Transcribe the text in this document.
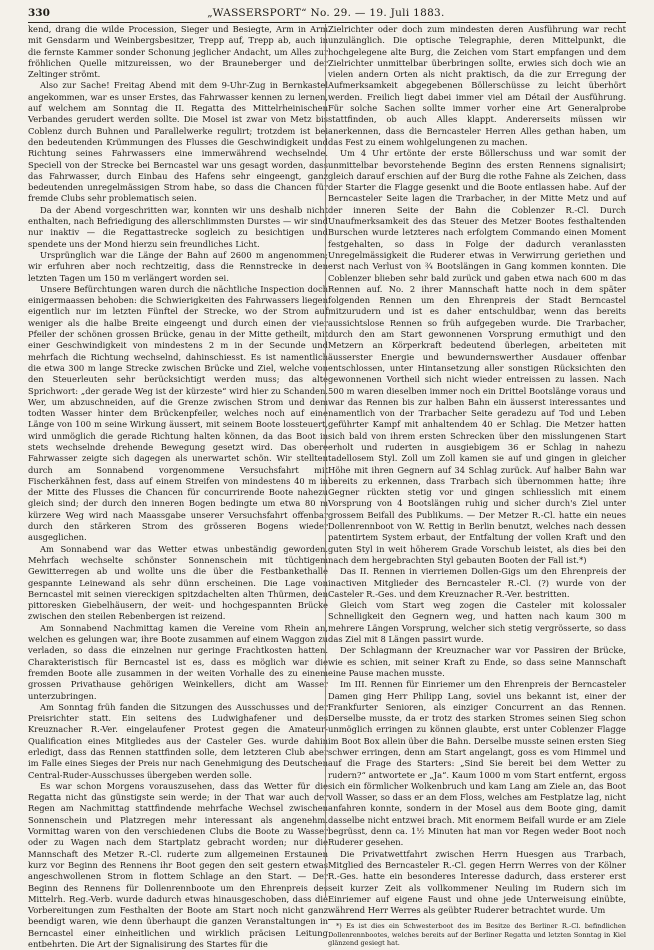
330	„WASSERSPORT“ No. 29. — 19. Juli 1883.

kend, drang die wilde Procession, Sieger und Besiegte, Arm in Arm mit Gensdarm und Weinbergsbesitzer, Trepp auf, Trepp ab, auch in die fernste Kammer sonder Schonung jeglicher Andacht, um Alles zur fröhlichen Quelle mitzureissen, wo der Brauneberger und der Zeltinger strömt.

Also zur Sache! Freitag Abend mit dem 9-Uhr-Zug in Bernkastel angekommen, war es unser Erstes, das Fahrwasser kennen zu lernen, auf welchem am Sonntag die II. Regatta des Mittelrheinischen Verbandes gerudert werden sollte. Die Mosel ist zwar von Metz bis Coblenz durch Buhnen und Parallelwerke regulirt; trotzdem ist bei den bedeutenden Krümmungen des Flusses die Geschwindigkeit und Richtung seines Fahrwassers eine immerwährend wechselnde. Speciell von der Strecke bei Berncastel war uns gesagt worden, dass das Fahrwasser, durch Einbau des Hafens sehr eingeengt, ganz bedeutenden unregelmässigen Strom habe, so dass die Chancen für fremde Clubs sehr problematisch seien.

Da der Abend vorgeschritten war, konnten wir uns deshalb nicht enthalten, nach Befriedigung des allerschlimmsten Durstes — wir sind nur inaktiv — die Regattastrecke sogleich zu besichtigen und spendete uns der Mond hierzu sein freundliches Licht.

Ursprünglich war die Länge der Bahn auf 2600 m angenommen; wir erfuhren aber noch rechtzeitig, dass die Rennstrecke in den letzten Tagen um 150 m verlängert worden sei.

Unsere Befürchtungen waren durch die nächtliche Inspection doch einigermaassen behoben: die Schwierigkeiten des Fahrwassers liegen eigentlich nur im letzten Fünftel der Strecke, wo der Strom auf weniger als die halbe Breite eingeengt und durch einen der vier Pfeiler der schönen grossen Brücke, genau in der Mitte getheilt, mit einer Geschwindigkeit von mindestens 2 m in der Secunde und mehrfach die Richtung wechselnd, dahinschiesst. Es ist namentlich die etwa 300 m lange Strecke zwischen Brücke und Ziel, welche von den Steuerleuten sehr berücksichtigt werden muss; das alte Sprichwort: „der gerade Weg ist der kürzeste“ wird hier zu Schanden. Wer, um abzuschneiden, auf die Grenze zwischen Strom und dem todten Wasser hinter dem Brückenpfeiler, welches noch auf eine Länge von 100 m seine Wirkung äussert, mit seinem Boote lossteuert, wird unmöglich die gerade Richtung halten können, da das Boot in stets wechselnde drehende Bewegung gesetzt wird. Das obere Fahrwasser zeigte sich dagegen als unerwartet schön. Wir stellten durch am Sonnabend vorgenommene Versuchsfahrt mit Fischerkähnen fest, dass auf einem Streifen von mindestens 40 m in der Mitte des Flusses die Chancen für concurrirende Boote nahezu gleich sind; der durch den inneren Bogen bedingte um etwa 80 m kürzere Weg wird nach Maassgabe unserer Versuchsfahrt offenbar durch den stärkeren Strom des grösseren Bogens wieder ausgeglichen.

Am Sonnabend war das Wetter etwas unbeständig geworden. Mehrfach wechselte schönster Sonnenschein mit tüchtigem Gewitterregen ab und wollte uns die über die Festbankethalle gespannte Leinewand als sehr dünn erscheinen. Die Lage von Berncastel mit seinen viereckigen spitzdachelten alten Thürmen, den pittoresken Giebelhäusern, der weit- und hochgespannten Brücke zwischen den steilen Rebenbergen ist reizend.

Am Sonnabend Nachmittag kamen die Vereine vom Rhein an, welchen es gelungen war, ihre Boote zusammen auf einem Waggon zu verladen, so dass die einzelnen nur geringe Frachtkosten hatten. Charakteristisch für Berncastel ist es, dass es möglich war die fremden Boote alle zusammen in der weiten Vorhalle des zu einem grossen Privathause gehörigen Weinkellers, dicht am Wasser unterzubringen.

Am Sonntag früh fanden die Sitzungen des Ausschusses und der Preisrichter statt. Ein seitens des Ludwighafener und des Kreuznacher R.-Ver. eingelaufener Protest gegen die Amateur-Qualification eines Mitgliedes aus der Casteler Ges. wurde dahin erledigt, dass das Rennen stattfinden solle, dem letzteren Club aber im Falle eines Sieges der Preis nur nach Genehmigung des Deutschen Central-Ruder-Ausschusses übergeben werden solle.

Es war schon Morgens vorauszusehen, dass das Wetter für die Regatta nicht das günstigste sein werde; in der That war auch der Regen am Nachmittag stattfindende mehrfache Wechsel zwischen Sonnenschein und Platzregen mehr interessant als angenehm. Vormittag waren von den verschiedenen Clubs die Boote zu Wasser oder zu Wagen nach dem Startplatz gebracht worden; nur die Mannschaft des Metzer R.-Cl. ruderte zum allgemeinen Erstaunen kurz vor Beginn des Rennens ihr Boot gegen den seit gestern etwas angeschwollenen Strom in flottem Schlage an den Start. — Der Beginn des Rennens für Dollenrennboote um den Ehrenpreis des Mittelrh. Reg.-Verb. wurde dadurch etwas hinausgeschoben, dass die Vorbereitungen zum Festhalten der Boote am Start noch nicht ganz beendigt waren, wie denn überhaupt die ganzen Veranstaltungen in Berncastel einer einheitlichen und wirklich präcisen Leitung entbehrten. Die Art der Signalisirung des Startes für die

Zielrichter oder doch zum mindesten deren Ausführung war recht unzulänglich. Die optische Telegraphie, deren Mittelpunkt, die hochgelegene alte Burg, die Zeichen vom Start empfangen und dem Zielrichter unmittelbar überbringen sollte, erwies sich doch wie an vielen andern Orten als nicht praktisch, da die zur Erregung der Aufmerksamkeit abgegebenen Böllerschüsse zu leicht überhört werden. Freilich liegt dabei immer viel am Détail der Ausführung. Für solche Sachen sollte immer vorher eine Art Generalprobe stattfinden, ob auch Alles klappt. Andererseits müssen wir anerkennen, dass die Berncasteler Herren Alles gethan haben, um das Fest zu einem wohlgelungenen zu machen.

Um 4 Uhr ertönte der erste Böllerschuss und war somit der unmittelbar bevorstehende Beginn des ersten Rennens signalisirt; gleich darauf erschien auf der Burg die rothe Fahne als Zeichen, dass der Starter die Flagge gesenkt und die Boote entlassen habe. Auf der Berncasteler Seite lagen die Trarbacher, in der Mitte Metz und auf der inneren Seite der Bahn die Coblenzer R.-Cl. Durch Unaufmerksamkeit des das Steuer des Metzer Bootes festhaltenden Burschen wurde letzteres nach erfolgtem Commando einen Moment festgehalten, so dass in Folge der dadurch veranlassten Unregelmässigkeit die Ruderer etwas in Verwirrung geriethen und erst nach Verlust von ¾ Bootslängen in Gang kommen konnten. Die Coblenzer blieben sehr bald zurück und gaben etwa nach 600 m das Rennen auf. No. 2 ihrer Mannschaft hatte noch in dem später folgenden Rennen um den Ehrenpreis der Stadt Berncastel mitzurudern und ist es daher entschuldbar, wenn das bereits aussichtslose Rennen so früh aufgegeben wurde. Die Trarbacher, durch den am Start gewonnenen Vorsprung ermuthigt und den Metzern an Körperkraft bedeutend überlegen, arbeiteten mit äusserster Energie und bewundernswerther Ausdauer offenbar entschlossen, unter Hintansetzung aller sonstigen Rücksichten den gewonnenen Vortheil sich nicht wieder entreissen zu lassen. Nach 500 m waren dieselben immer noch ein Drittel Bootslänge voraus und war das Rennen bis zur halben Bahn ein äusserst interessantes und namentlich von der Trarbacher Seite geradezu auf Tod und Leben geführter Kampf mit anhaltendem 40 er Schlag. Die Metzer hatten sich bald von ihrem ersten Schrecken über den misslungenen Start erholt und ruderten in ausgiebigem 36 er Schlag in nahezu tadellosem Styl. Zoll um Zoll kamen sie auf und gingen in gleicher Höhe mit ihren Gegnern auf 34 Schlag zurück. Auf halber Bahn war bereits zu erkennen, dass Trarbach sich übernommen hatte; ihre Gegner rückten stetig vor und gingen schliesslich mit einem Vorsprung von 4 Bootslängen ruhig und sicher durch's Ziel unter grossem Beifall des Publikums. — Der Metzer R.-Cl. hatte ein neues Dollenrennboot von W. Rettig in Berlin benutzt, welches nach dessen patentirtem System erbaut, der Entfaltung der vollen Kraft und den guten Styl in weit höherem Grade Vorschub leistet, als dies bei den nach dem hergebrachten Styl gebauten Booten der Fall ist.*)

Das II. Rennen in vierriemen Dollen-Gigs um den Ehrenpreis der inactiven Mitglieder des Berncasteler R.-Cl. (?) wurde von der Casteler R.-Ges. und dem Kreuznacher R.-Ver. bestritten.

Gleich vom Start weg zogen die Casteler mit kolossaler Schnelligkeit den Gegnern weg, und hatten nach kaum 300 m mehrere Längen Vorsprung, welcher sich stetig vergrösserte, so dass das Ziel mit 8 Längen passirt wurde.

Der Schlagmann der Kreuznacher war vor Passiren der Brücke, wie es schien, mit seiner Kraft zu Ende, so dass seine Mannschaft eine Pause machen musste.

Im III. Rennen für Einriemer um den Ehrenpreis der Berncasteler Damen ging Herr Philipp Lang, soviel uns bekannt ist, einer der Frankfurter Senioren, als einziger Concurrent an das Rennen. Derselbe musste, da er trotz des starken Stromes seinen Sieg schon unmöglich erringen zu können glaubte, erst unter Coblenzer Flagge im Boot Box allein über die Bahn. Derselbe musste seinen ersten Sieg schwer erringen, denn am Start angelangt, goss es vom Himmel und auf die Frage des Starters: „Sind Sie bereit bei dem Wetter zu rudern?“ antwortete er „Ja“. Kaum 1000 m vom Start entfernt, ergoss sich ein förmlicher Wolkenbruch und kam Lang am Ziele an, das Boot voll Wasser, so dass er an dem Floss, welches am Festplatze lag, nicht anfahren konnte, sondern in der Mosel aus dem Boote ging, damit dasselbe nicht entzwei brach. Mit enormem Beifall wurde er am Ziele begrüsst, denn ca. 1½ Minuten hat man vor Regen weder Boot noch Ruderer gesehen.

Die Privatwettfahrt zwischen Herrn Huesgen aus Trarbach, Mitglied des Berncasteler R.-Cl. gegen Herrn Werres von der Kölner R.-Ges. hatte ein besonderes Interesse dadurch, dass ersterer erst seit kurzer Zeit als vollkommener Neuling im Rudern sich im Einriemer auf eigene Faust und ohne jede Unterweisung einübte, während Herr Werres als geübter Ruderer betrachtet wurde. Um

*) Es ist dies ein Schwesterboot des im Besitze des Berliner R.-Cl. befindlichen Dollenrennbootes, welches bereits auf der Berliner Regatta und letzten Sonntag in Kiel glänzend gesiegt hat.
